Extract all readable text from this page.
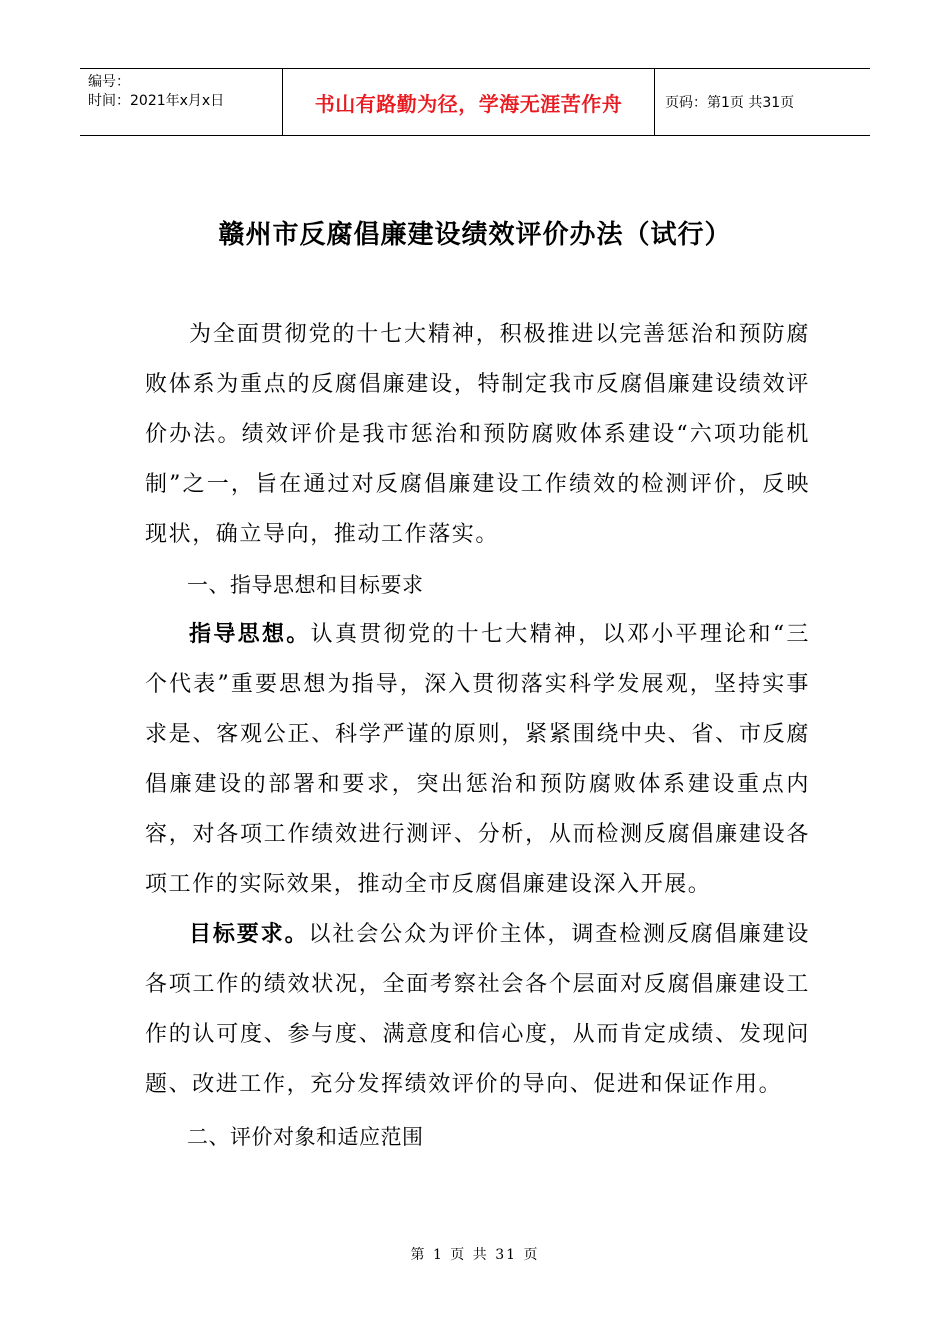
编号：
时间：2021年x月x日	书山有路勤为径，学海无涯苦作舟	页码：第1页 共31页
赣州市反腐倡廉建设绩效评价办法（试行）

为全面贯彻党的十七大精神，积极推进以完善惩治和预防腐败体系为重点的反腐倡廉建设，特制定我市反腐倡廉建设绩效评价办法。绩效评价是我市惩治和预防腐败体系建设“六项功能机制”之一，旨在通过对反腐倡廉建设工作绩效的检测评价，反映现状，确立导向，推动工作落实。

一、指导思想和目标要求

指导思想。认真贯彻党的十七大精神，以邓小平理论和“三个代表”重要思想为指导，深入贯彻落实科学发展观，坚持实事求是、客观公正、科学严谨的原则，紧紧围绕中央、省、市反腐倡廉建设的部署和要求，突出惩治和预防腐败体系建设重点内容，对各项工作绩效进行测评、分析，从而检测反腐倡廉建设各项工作的实际效果，推动全市反腐倡廉建设深入开展。

目标要求。以社会公众为评价主体，调查检测反腐倡廉建设各项工作的绩效状况，全面考察社会各个层面对反腐倡廉建设工作的认可度、参与度、满意度和信心度，从而肯定成绩、发现问题、改进工作，充分发挥绩效评价的导向、促进和保证作用。

二、评价对象和适应范围

第 1 页 共 31 页
